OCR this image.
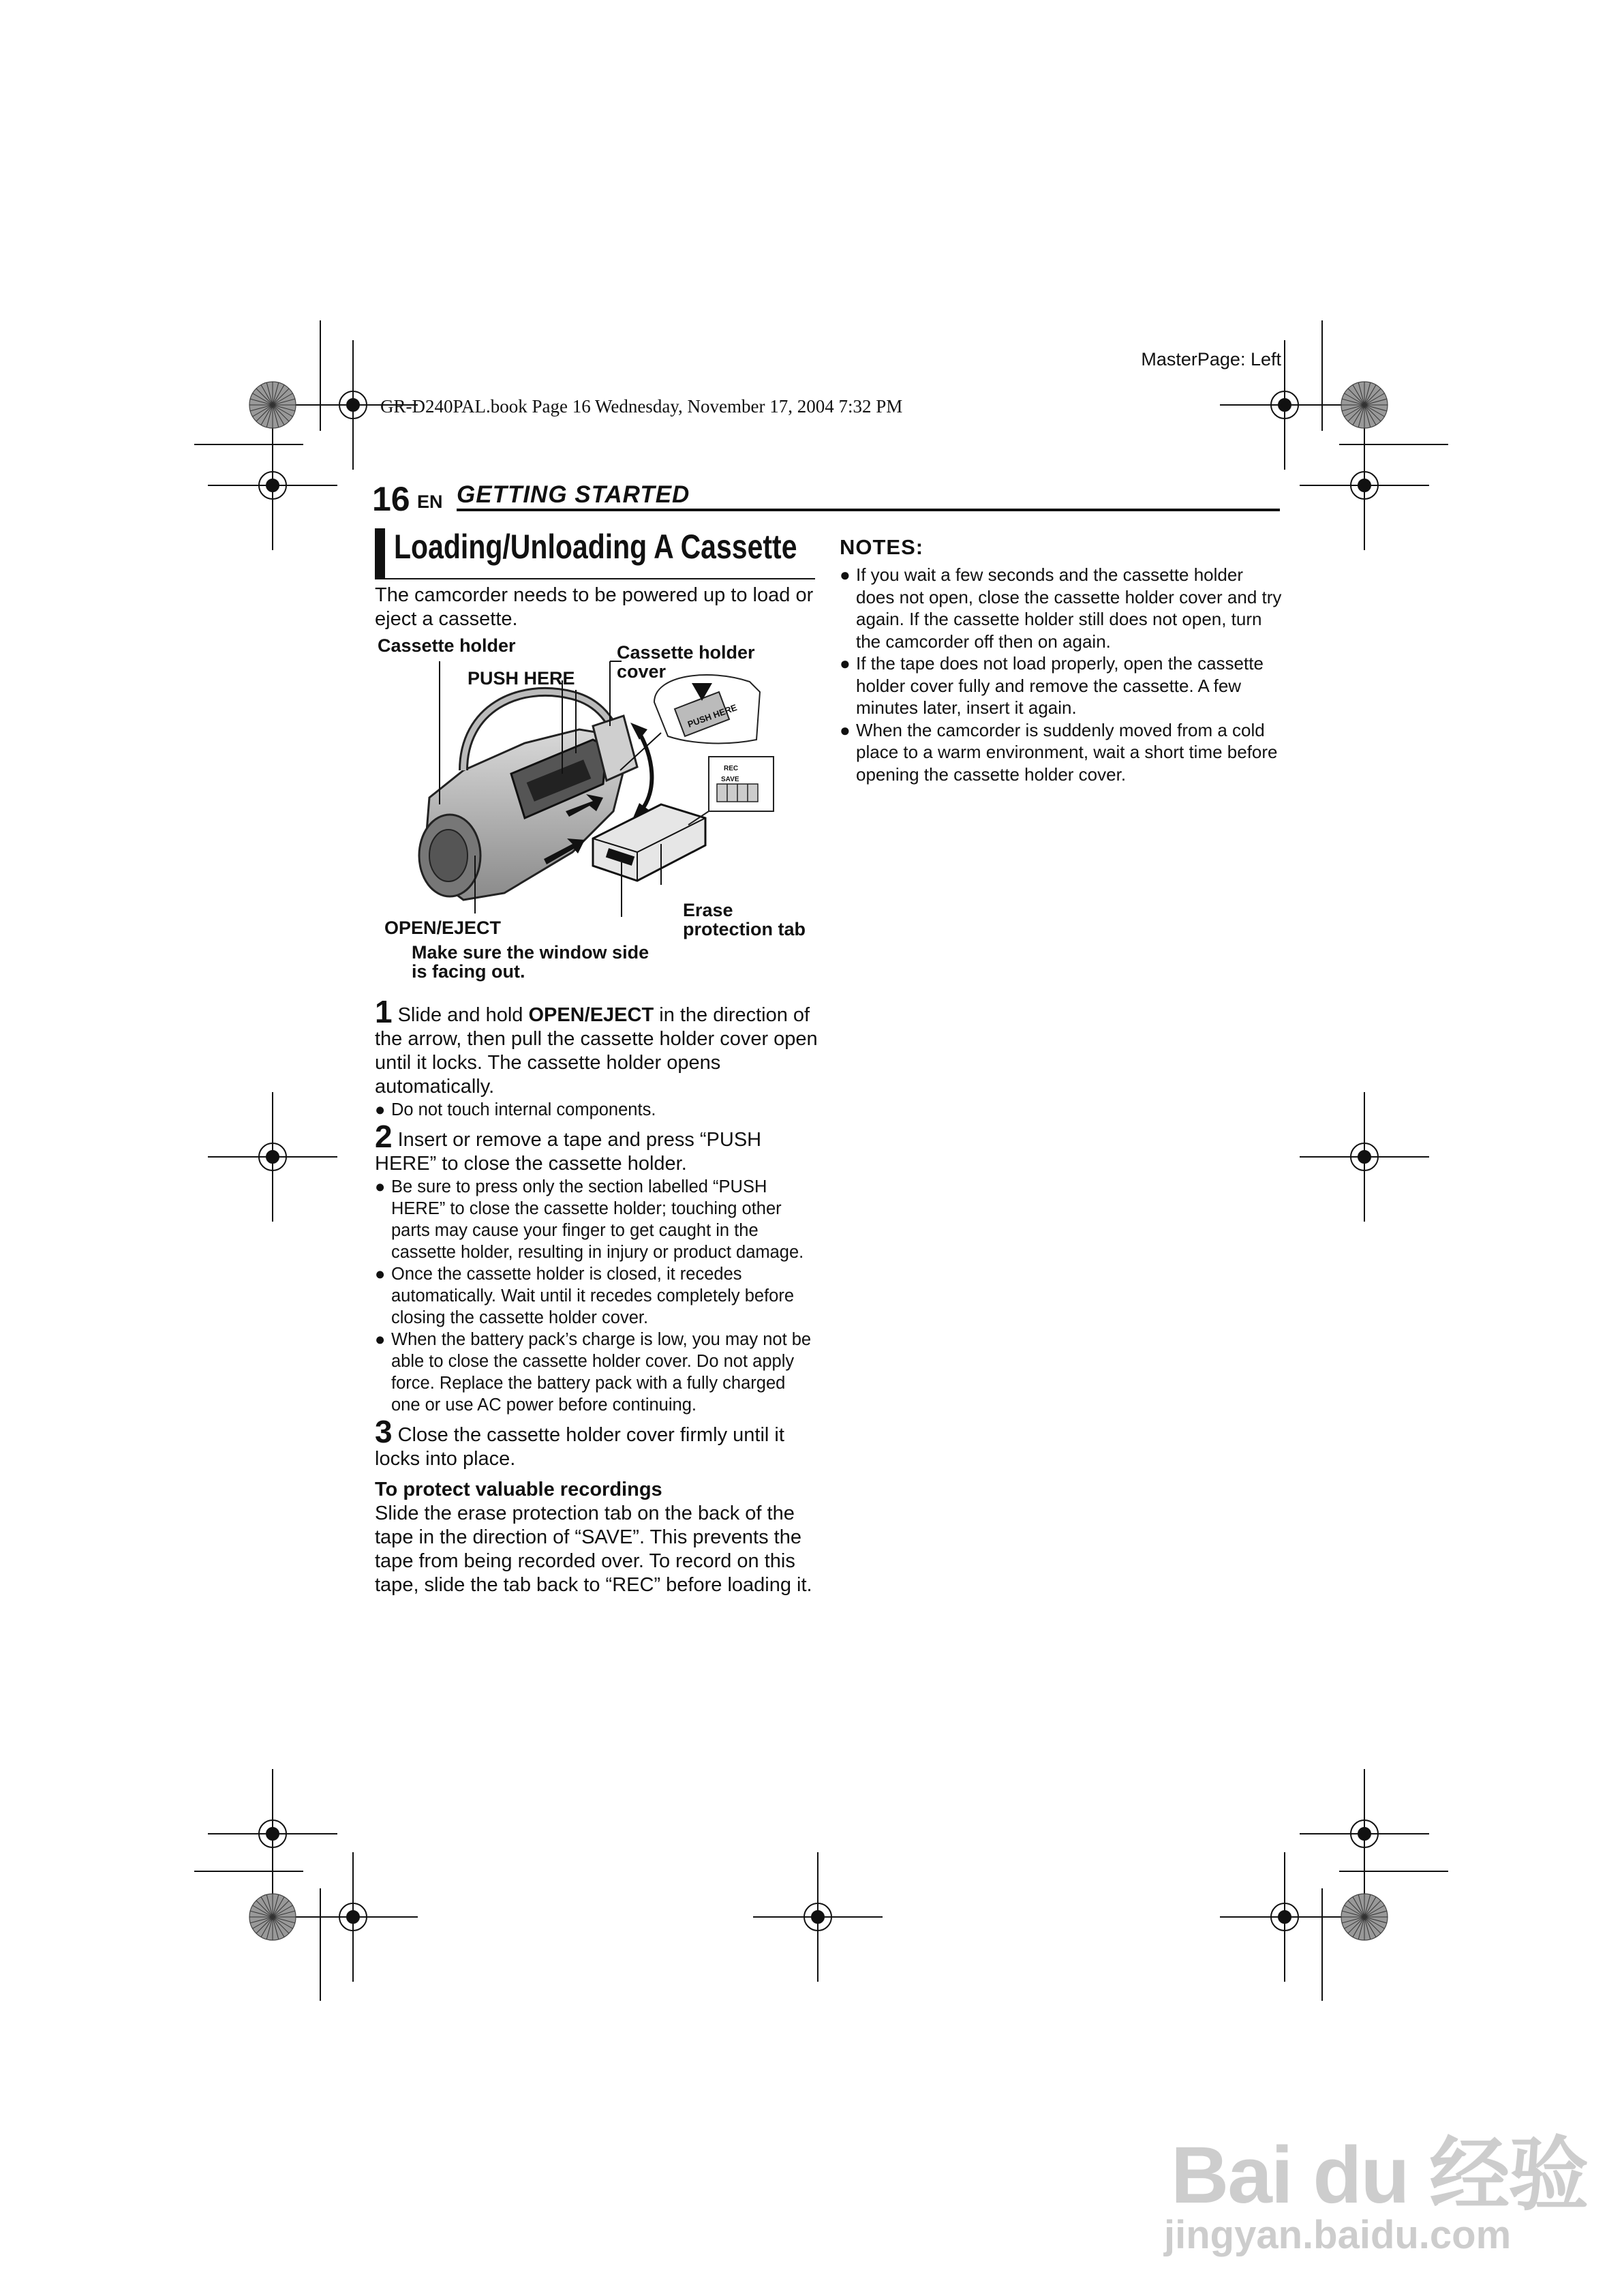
MasterPage: Left
GR-D240PAL.book Page 16 Wednesday, November 17, 2004 7:32 PM
16 EN GETTING STARTED
Loading/Unloading A Cassette

The camcorder needs to be powered up to load or eject a cassette.

PUSH HERE
REC
SAVE
Cassette holder
PUSH HERE
Cassette holder
cover
OPEN/EJECT
Make sure the window side
is facing out.
Erase
protection tab

1 Slide and hold OPEN/EJECT in the direction of the arrow, then pull the cassette holder cover open until it locks. The cassette holder opens automatically.

● Do not touch internal components.

2 Insert or remove a tape and press “PUSH HERE” to close the cassette holder.

● Be sure to press only the section labelled “PUSH HERE” to close the cassette holder; touching other parts may cause your finger to get caught in the cassette holder, resulting in injury or product damage.

● Once the cassette holder is closed, it recedes automatically. Wait until it recedes completely before closing the cassette holder cover.

● When the battery pack’s charge is low, you may not be able to close the cassette holder cover. Do not apply force. Replace the battery pack with a fully charged one or use AC power before continuing.

3 Close the cassette holder cover firmly until it locks into place.

To protect valuable recordings

Slide the erase protection tab on the back of the tape in the direction of “SAVE”. This prevents the tape from being recorded over. To record on this tape, slide the tab back to “REC” before loading it.

NOTES:

● If you wait a few seconds and the cassette holder does not open, close the cassette holder cover and try again. If the cassette holder still does not open, turn the camcorder off then on again.

● If the tape does not load properly, open the cassette holder cover fully and remove the cassette. A few minutes later, insert it again.

● When the camcorder is suddenly moved from a cold place to a warm environment, wait a short time before opening the cassette holder cover.

Bai du 经验
jingyan.baidu.com
